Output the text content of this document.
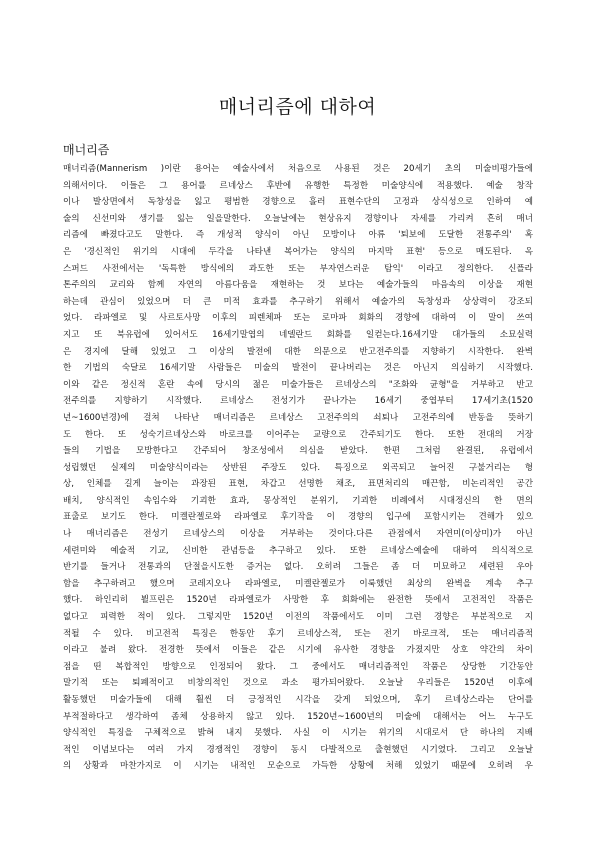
매너리즘에 대하여
매너리즘
매너리즘(Mannerism )이란 용어는 예술사에서 처음으로 사용된 것은 20세기 초의 미술비평가들에
의해서이다. 이들은 그 용어를 르네상스 후반에 유행한 특정한 미술양식에 적용했다. 예술 창작
이나 발상면에서 독창성을 잃고 평범한 경향으로 흘러 표현수단의 고정과 상식성으로 인하여 예
술의 신선미와 생기를 잃는 일을말한다. 오늘날에는 현상유지 경향이나 자세를 가리켜 흔히 매너
리즘에 빠졌다고도 말한다. 즉 개성적 양식이 아닌 모방이나 아류 '퇴보에 도달한 전통주의' 혹
은 '경신적인 위기의 시대에 두각을 나타낸 복어가는 양식의 마지막 표현' 등으로 매도된다. 옥
스퍼드 사전에서는 '독특한 방식에의 과도한 또는 부자연스러운 탐익' 이라고 정의한다. 신플라
톤주의의 교리와 함께 자연의 아름다움을 재현하는 것 보다는 예술가들의 마음속의 이상을 재현
하는데 관심이 있었으며 더 큰 미적 효과를 추구하기 위해서 예술가의 독창성과 상상력이 강조되
었다. 라파엘로 및 사르토사망 이후의 피렌체파 또는 로마파 회화의 경향에 대하여 이 말이 쓰여
지고 또 북유럽에 있어서도 16세기말엽의 네델란드 회화를 일컫는다.16세기말 대가들의 소묘실력
은 경지에 달해 있었고 그 이상의 발전에 대한 의문으로 반고전주의를 지향하기 시작한다. 완벽
한 기법의 숙달로 16세기말 사람들은 미술의 발전이 끝나버리는 것은 아닌지 의심하기 시작했다.
이와 같은 정신적 혼란 속에 당시의 젊은 미술가들은 르네상스의 "조화와 균형"을 거부하고 반고
전주의를 지향하기 시작했다. 르네상스 전성기가 끝나가는 16세기 중엽부터 17세기초(1520
년~1600년경)에 걸쳐 나타난 매너리즘은 르네상스 고전주의의 쇠퇴나 고전주의에 반동을 뜻하기
도 한다. 또 성숙기르네상스와 바로크를 이어주는 교량으로 간주되기도 한다. 또한 전대의 거장
들의 기법을 모방한다고 간주되어 창조성에서 의심을 받았다. 한편 그처럼 완결된, 유럽에서
성립했던 실제의 미술양식이라는 상반된 주장도 있다. 특징으로 외곡되고 늘어진 구불거리는 형
상, 인체를 길게 늘이는 과장된 표현, 차갑고 선명한 채조, 표면처리의 매끈함, 비논리적인 공간
배치, 양식적인 속임수와 기괴한 효과, 몽상적인 분위기, 기괴한 비례에서 시대정신의 한 면의
표출로 보기도 한다. 미켈란젤로와 라파엘로 후기작을 이 경향의 입구에 포함시키는 견해가 있으
나 매너리즘은 전성기 르네상스의 이상을 거부하는 것이다.다른 관점에서 자연미(이상미)가 아닌
세련미와 예술적 기교, 신비한 관념등을 추구하고 있다. 또한 르네상스예술에 대하여 의식적으로
반기를 들거나 전통과의 단절을시도한 증거는 없다. 오히려 그들은 좀 더 미묘하고 세련된 우아
함을 추구하려고 했으며 코레지오나 라파엘로, 미켈란젤로가 이룩했던 최상의 완벽을 계속 추구
했다. 하인리히 뵐프린은 1520년 라파엘로가 사망한 후 회화에는 완전한 뜻에서 고전적인 작품은
없다고 피력한 적이 있다. 그렇지만 1520년 이전의 작품에서도 이미 그런 경향은 부분적으로 지
적될 수 있다. 비고전적 특징은 한동안 후기 르네상스적, 또는 전기 바로크적, 또는 매너리즘적
이라고 불려 왔다. 전경한 뜻에서 이들은 같은 시기에 유사한 경향을 가졌지만 상호 약간의 차이
점을 띤 복합적인 방향으로 인정되어 왔다. 그 중에서도 매너리즘적인 작품은 상당한 기간동안
말기적 또는 퇴폐적이고 비창의적인 것으로 과소 평가되어왔다. 오늘날 우리들은 1520년 이후에
활동했던 미술가들에 대해 훨씬 더 긍정적인 시각을 갖게 되었으며, 후기 르네상스라는 단어를
부적절하다고 생각하여 좀체 상용하지 않고 있다. 1520년~1600년의 미술에 대해서는 어느 누구도
양식적인 특징을 구체적으로 밝혀 내지 못했다. 사실 이 시기는 위기의 시대로서 단 하나의 지배
적인 이념보다는 여러 가지 경쟁적인 경향이 동시 다발적으로 출현했던 시기였다. 그리고 오늘날
의 상황과 마찬가지로 이 시기는 내적인 모순으로 가득한 상황에 처해 있었기 때문에 오히려 우
